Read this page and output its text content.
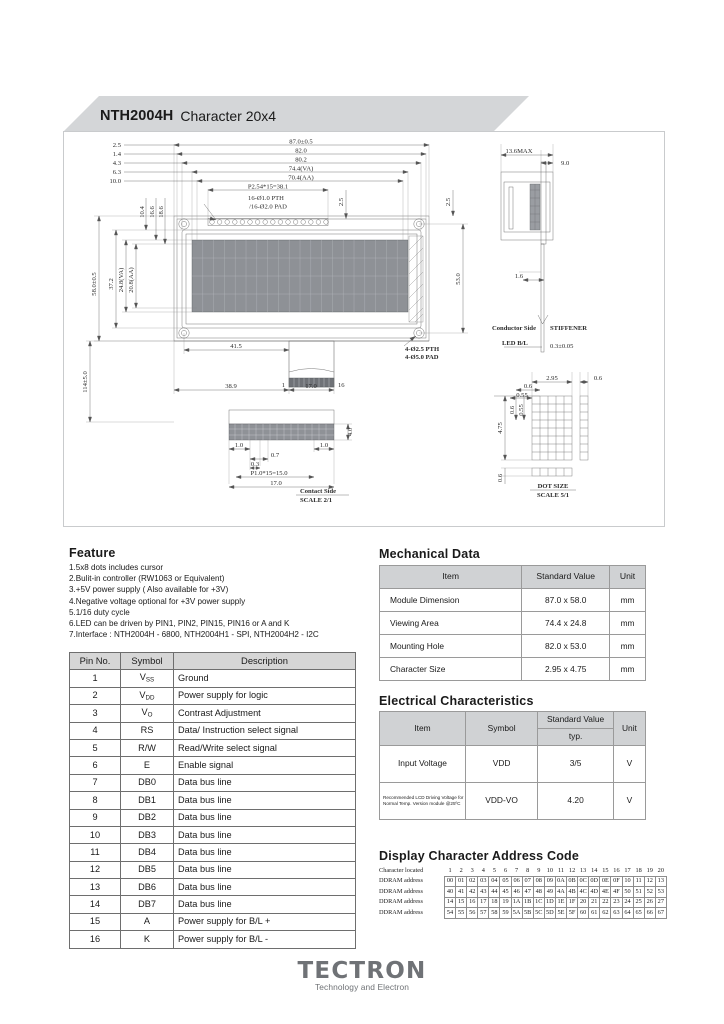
NTH2004H Character 20x4
87.0±0.5
82.0
80.2
74.4(VA)
70.4(AA)
P2.54*15=38.1
16-Ø1.0 PTH
/16-Ø2.0 PAD
2.5
1.4
4.3
6.3
10.0
58.0±0.5 37.2 24.8(VA) 20.8(AA)
10.4 16.6 18.6
114±5.0
53.0
2.5	2.5
41.5
38.9	17.0
1	16
4-Ø2.5 PTH
4-Ø5.0 PAD
1.0	1.0
0.7
0.3
P1.0*15=15.0
17.0
4.0
Contact Side
SCALE 2/1
13.6MAX
9.0
1.6
Conductor Side STIFFENER
LED B/L	0.3±0.05
2.95	0.6
0.6
0.55
4.75
0.6 0.55
0.6
DOT SIZE
SCALE 5/1
Feature
1.5x8 dots includes cursor
2.Bulit-in controller (RW1063 or Equivalent)
3.+5V power supply ( Also available for +3V)
4.Negative voltage optional for +3V power supply
5.1/16 duty cycle
6.LED can be driven by PIN1, PIN2, PIN15, PIN16 or A and K
7.Interface : NTH2004H - 6800, NTH2004H1 - SPI, NTH2004H2 - I2C
Pin No.	Symbol	Description
1	$V_{SS}$	Ground
2	$V_{DD}$	Power supply for logic
3	$V_O$	Contrast Adjustment
4	RS	Data/ Instruction select signal
5	R/W	Read/Write select signal
6	E	Enable signal
7	DB0	Data bus line
8	DB1	Data bus line
9	DB2	Data bus line
10	DB3	Data bus line
11	DB4	Data bus line
12	DB5	Data bus line
13	DB6	Data bus line
14	DB7	Data bus line
15	A	Power supply for B/L +
16	K	Power supply for B/L -
Mechanical Data
Item	Standard Value	Unit
Module Dimension	87.0 x 58.0	mm
Viewing Area	74.4 x 24.8	mm
Mounting Hole	82.0 x 53.0	mm
Character Size	2.95 x 4.75	mm
Electrical Characteristics
Item	Symbol	Standard Value	Unit
		typ.	
Input Voltage	VDD	3/5	V
Recommended LCD Driving Voltage for Normal Temp. Version module @25ºC	VDD-VO	4.20	V
Display Character Address Code
Character located	1	2	3	4	5	6	7	8	9	10	11	12	13	14	15	16	17	18	19	20
DDRAM address	00	01	02	03	04	05	06	07	08	09	0A	0B	0C	0D	0E	0F	10	11	12	13
DDRAM address	40	41	42	43	44	45	46	47	48	49	4A	4B	4C	4D	4E	4F	50	51	52	53
DDRAM address	14	15	16	17	18	19	1A	1B	1C	1D	1E	1F	20	21	22	23	24	25	26	27
DDRAM address	54	55	56	57	58	59	5A	5B	5C	5D	5E	5F	60	61	62	63	64	65	66	67
TECTRON
Technology and Electron
